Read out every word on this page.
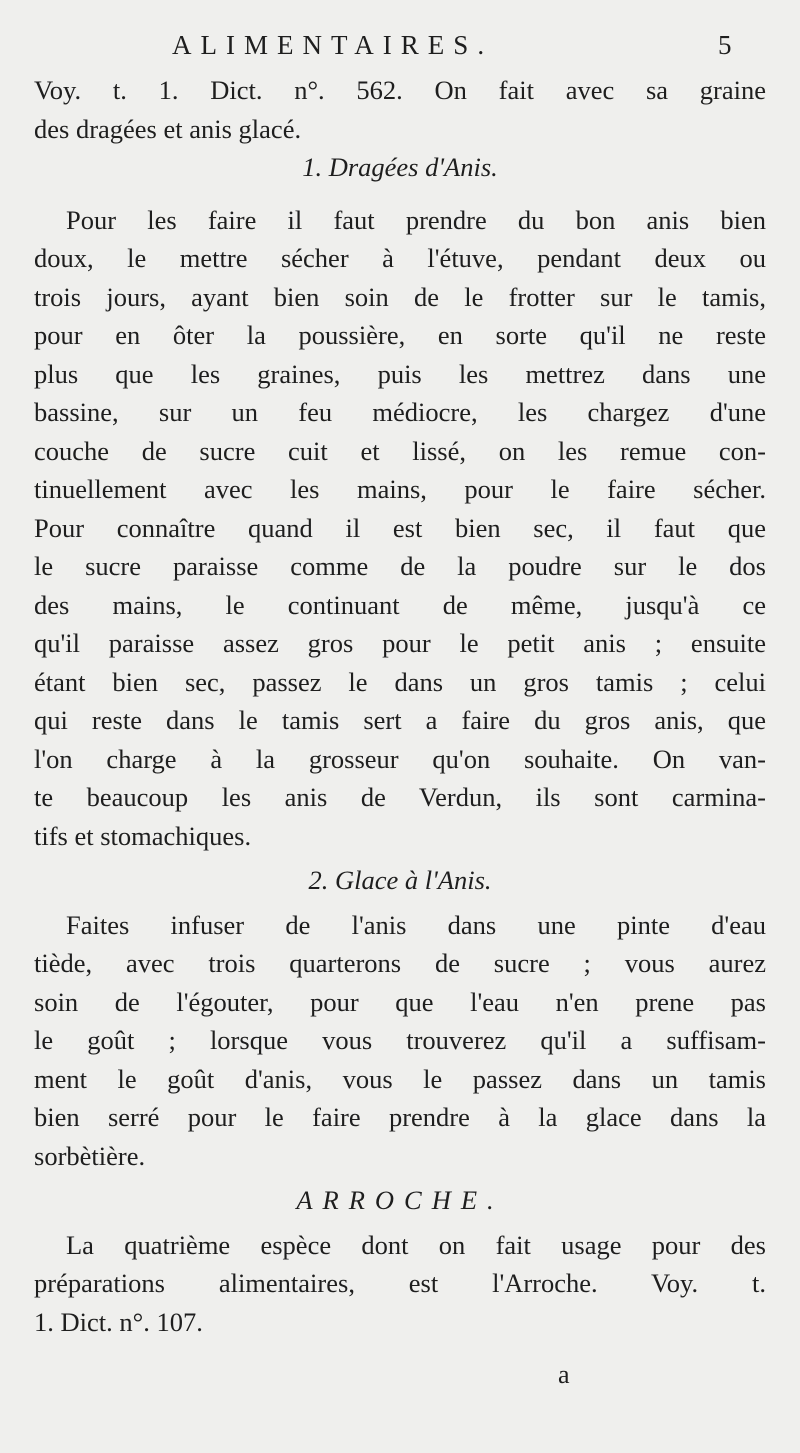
ALIMENTAIRES.	5
Voy. t. 1. Dict. n°. 562. On fait avec sa graine
des dragées et anis glacé.
1. Dragées d'Anis.
Pour les faire il faut prendre du bon anis bien
doux, le mettre sécher à l'étuve, pendant deux ou
trois jours, ayant bien soin de le frotter sur le tamis,
pour en ôter la poussière, en sorte qu'il ne reste
plus que les graines, puis les mettrez dans une
bassine, sur un feu médiocre, les chargez d'une
couche de sucre cuit et lissé, on les remue con-
tinuellement avec les mains, pour le faire sécher.
Pour connaître quand il est bien sec, il faut que
le sucre paraisse comme de la poudre sur le dos
des mains, le continuant de même, jusqu'à ce
qu'il paraisse assez gros pour le petit anis ; ensuite
étant bien sec, passez le dans un gros tamis ; celui
qui reste dans le tamis sert a faire du gros anis, que
l'on charge à la grosseur qu'on souhaite. On van-
te beaucoup les anis de Verdun, ils sont carmina-
tifs et stomachiques.
2. Glace à l'Anis.
Faites infuser de l'anis dans une pinte d'eau
tiède, avec trois quarterons de sucre ; vous aurez
soin de l'égouter, pour que l'eau n'en prene pas
le goût ; lorsque vous trouverez qu'il a suffisam-
ment le goût d'anis, vous le passez dans un tamis
bien serré pour le faire prendre à la glace dans la
sorbètière.
ARROCHE.
La quatrième espèce dont on fait usage pour des
préparations alimentaires, est l'Arroche. Voy. t.
1. Dict. n°. 107.
a
